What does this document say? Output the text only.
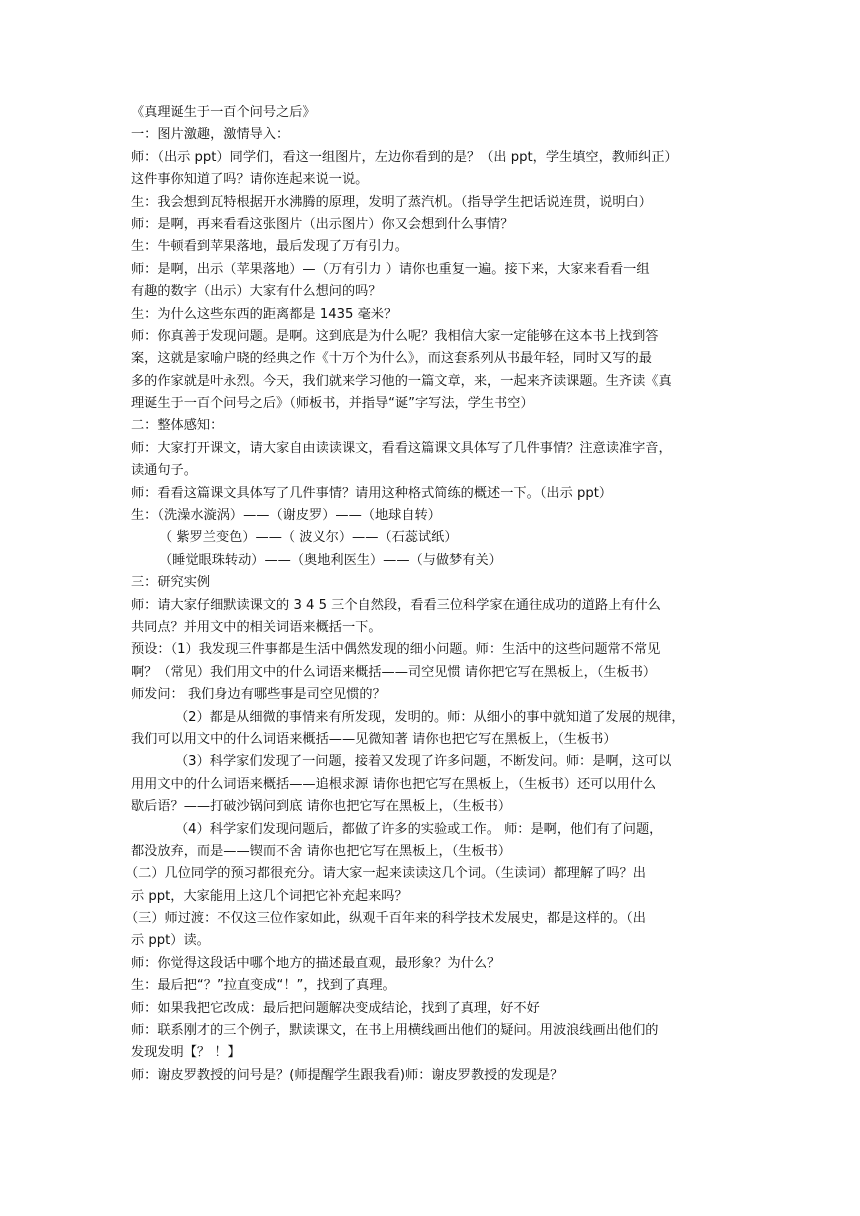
《真理诞生于一百个问号之后》
一：图片激趣，激情导入：
师：（出示 ppt）同学们，看这一组图片，左边你看到的是？（出 ppt，学生填空，教师纠正）
这件事你知道了吗？请你连起来说一说。
生：我会想到瓦特根据开水沸腾的原理，发明了蒸汽机。（指导学生把话说连贯，说明白）
师：是啊，再来看看这张图片（出示图片）你又会想到什么事情？
生：牛顿看到苹果落地，最后发现了万有引力。
师：是啊，出示（苹果落地）—（万有引力 ）请你也重复一遍。接下来，大家来看看一组
有趣的数字（出示）大家有什么想问的吗？
生：为什么这些东西的距离都是 1435 毫米？
师：你真善于发现问题。是啊。这到底是为什么呢？我相信大家一定能够在这本书上找到答
案，这就是家喻户晓的经典之作《十万个为什么》，而这套系列从书最年轻，同时又写的最
多的作家就是叶永烈。今天，我们就来学习他的一篇文章，来，一起来齐读课题。生齐读《真
理诞生于一百个问号之后》（师板书，并指导“诞”字写法，学生书空）
二：整体感知：
师：大家打开课文，请大家自由读读课文，看看这篇课文具体写了几件事情？注意读准字音，
读通句子。
师：看看这篇课文具体写了几件事情？请用这种格式简练的概述一下。（出示 ppt）
生：（洗澡水漩涡）——（谢皮罗）——（地球自转）
（ 紫罗兰变色）——（ 波义尔）——（石蕊试纸）
（睡觉眼珠转动）——（奥地利医生）——（与做梦有关）
三：研究实例
师：请大家仔细默读课文的 3 4 5 三个自然段，看看三位科学家在通往成功的道路上有什么
共同点？并用文中的相关词语来概括一下。
预设：（1）我发现三件事都是生活中偶然发现的细小问题。师：生活中的这些问题常不常见
啊？（常见）我们用文中的什么词语来概括——司空见惯 请你把它写在黑板上，（生板书）
师发问： 我们身边有哪些事是司空见惯的？
（2）都是从细微的事情来有所发现，发明的。师：从细小的事中就知道了发展的规律，
我们可以用文中的什么词语来概括——见微知著 请你也把它写在黑板上，（生板书）
（3）科学家们发现了一问题，接着又发现了许多问题，不断发问。师：是啊，这可以
用用文中的什么词语来概括——追根求源 请你也把它写在黑板上，（生板书）还可以用什么
歇后语？——打破沙锅问到底 请你也把它写在黑板上，（生板书）
（4）科学家们发现问题后，都做了许多的实验或工作。 师：是啊，他们有了问题，
都没放弃，而是——锲而不舍 请你也把它写在黑板上，（生板书）
（二）几位同学的预习都很充分。请大家一起来读读这几个词。（生读词）都理解了吗？出
示 ppt，大家能用上这几个词把它补充起来吗？
（三）师过渡：不仅这三位作家如此，纵观千百年来的科学技术发展史，都是这样的。（出
示 ppt）读。
师：你觉得这段话中哪个地方的描述最直观，最形象？为什么？
生：最后把“？”拉直变成“！”，找到了真理。
师：如果我把它改成：最后把问题解决变成结论，找到了真理，好不好
师：联系刚才的三个例子，默读课文，在书上用横线画出他们的疑问。用波浪线画出他们的
发现发明【？ ！】
师：谢皮罗教授的问号是？(师提醒学生跟我看)师：谢皮罗教授的发现是？
